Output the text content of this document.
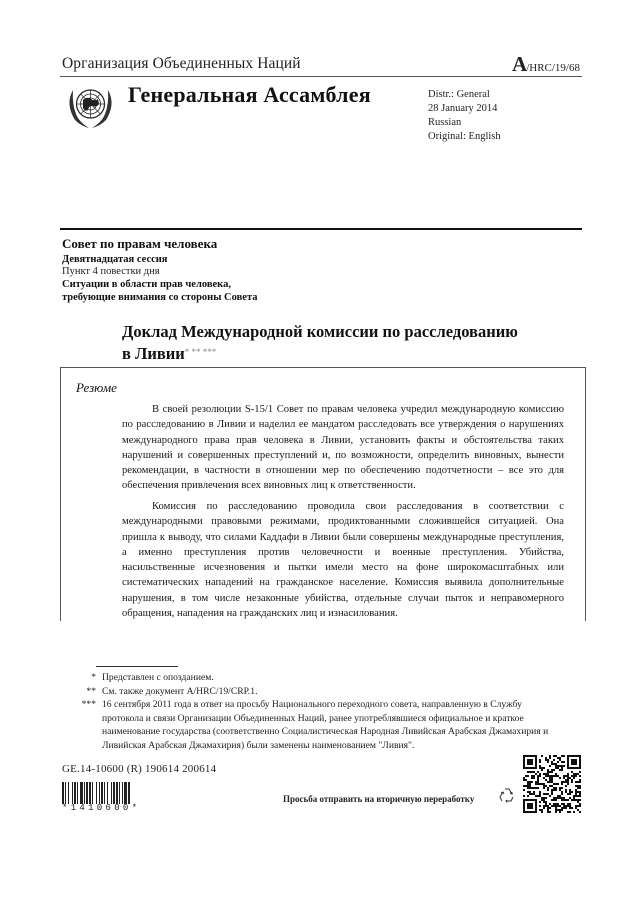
Организация Объединенных Наций	A/HRC/19/68
Генеральная Ассамблея	Distr.: General
28 January 2014
Russian
Original: English
Совет по правам человека
Девятнадцатая сессия
Пункт 4 повестки дня
Ситуации в области прав человека,
требующие внимания со стороны Совета
Доклад Международной комиссии по расследованию
в Ливии* ** ***
Резюме

В своей резолюции S-15/1 Совет по правам человека учредил международную комиссию по расследованию в Ливии и наделил ее мандатом расследовать все утверждения о нарушениях международного права прав человека в Ливии, установить факты и обстоятельства таких нарушений и совершенных преступлений и, по возможности, определить виновных, вынести рекомендации, в частности в отношении мер по обеспечению подотчетности – все это для обеспечения привлечения всех виновных лиц к ответственности.

Комиссия по расследованию проводила свои расследования в соответствии с международными правовыми режимами, продиктованными сложившейся ситуацией. Она пришла к выводу, что силами Каддафи в Ливии были совершены международные преступления, а именно преступления против человечности и военные преступления. Убийства, насильственные исчезновения и пытки имели место на фоне широкомасштабных или систематических нападений на гражданское население. Комиссия выявила дополнительные нарушения, в том числе незаконные убийства, отдельные случаи пыток и неправомерного обращения, нападения на гражданских лиц и изнасилования.

* Представлен с опозданием.
** См. также документ A/HRC/19/CRP.1.
*** 16 сентября 2011 года в ответ на просьбу Национального переходного совета, направленную в Службу протокола и связи Организации Объединенных Наций, ранее употреблявшиеся официальное и краткое наименование государства (соответственно Социалистическая Народная Ливийская Арабская Джамахирия и Ливийская Арабская Джамахирия) были заменены наименованием "Ливия".
GE.14-10600 (R) 190614 200614
*1410600*
Просьба отправить на вторичную переработку
